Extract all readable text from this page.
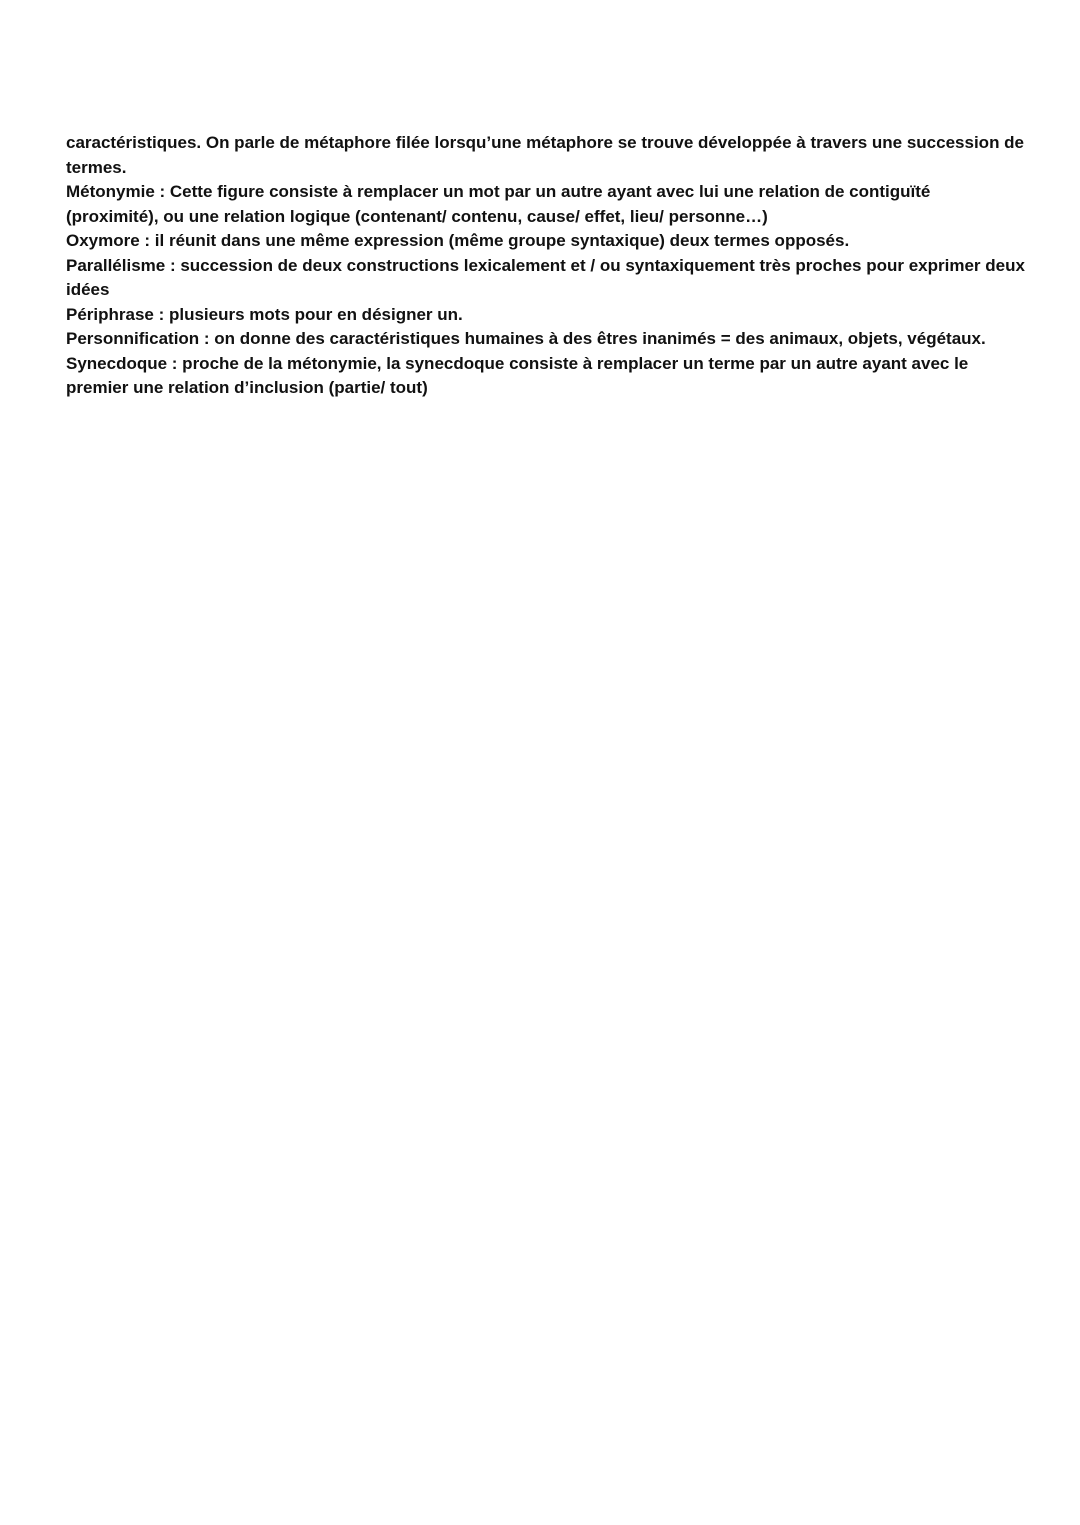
caractéristiques. On parle de métaphore filée lorsqu’une métaphore se trouve développée à travers une succession de termes.

Métonymie : Cette figure consiste à remplacer un mot par un autre ayant avec lui une relation de contiguïté (proximité), ou une relation logique (contenant/ contenu, cause/ effet, lieu/ personne…)

Oxymore : il réunit dans une même expression (même groupe syntaxique) deux termes opposés.

Parallélisme : succession de deux constructions lexicalement et / ou syntaxiquement très proches pour exprimer deux idées

Périphrase : plusieurs mots pour en désigner un.

Personnification : on donne des caractéristiques humaines à des êtres inanimés = des animaux, objets, végétaux.

Synecdoque : proche de la métonymie, la synecdoque consiste à remplacer un terme par un autre ayant avec le premier une relation d’inclusion (partie/ tout)
